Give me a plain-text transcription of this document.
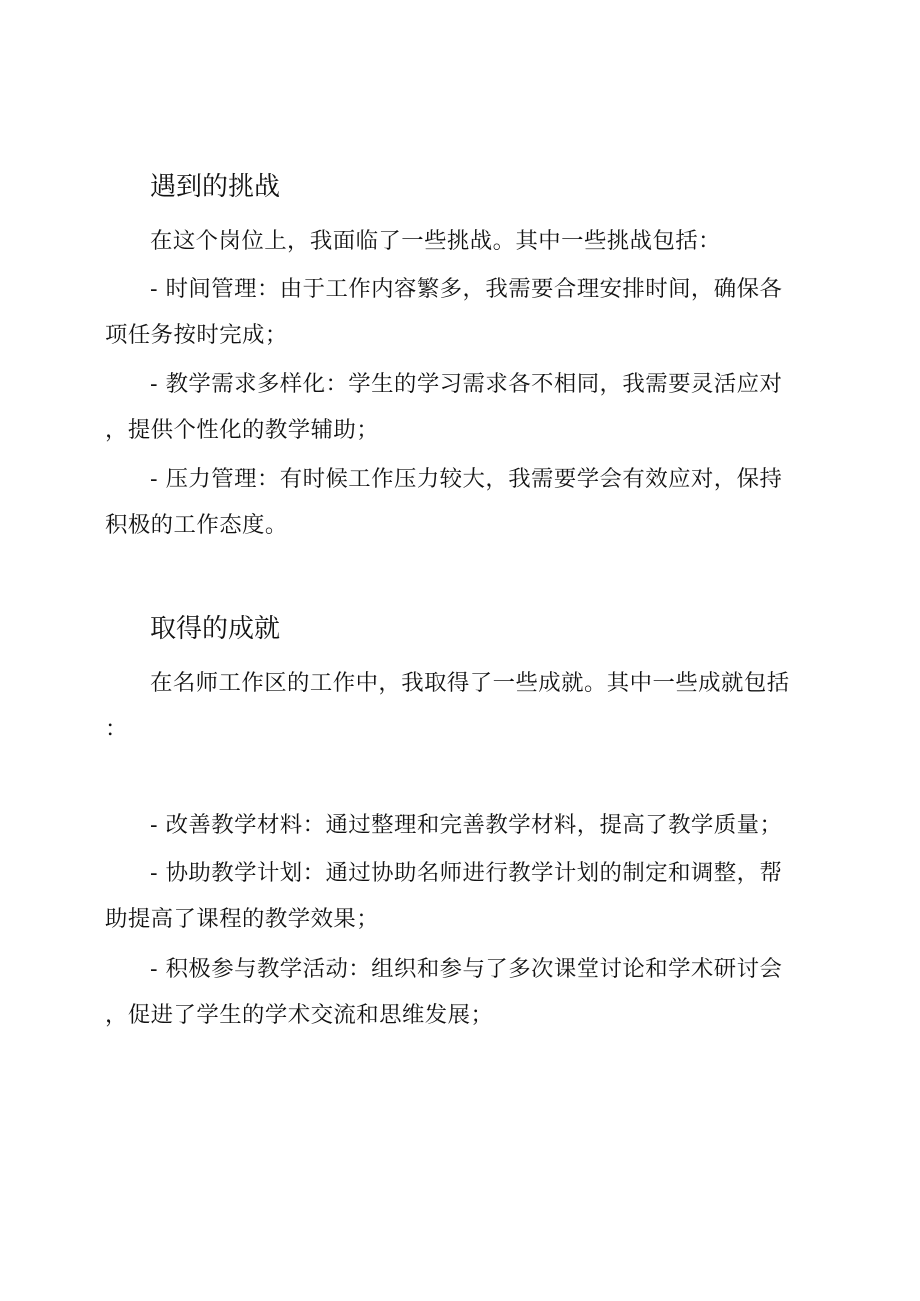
遇到的挑战

在这个岗位上，我面临了一些挑战。其中一些挑战包括：

- 时间管理：由于工作内容繁多，我需要合理安排时间，确保各项任务按时完成；

- 教学需求多样化：学生的学习需求各不相同，我需要灵活应对，提供个性化的教学辅助；

- 压力管理：有时候工作压力较大，我需要学会有效应对，保持积极的工作态度。

取得的成就

在名师工作区的工作中，我取得了一些成就。其中一些成就包括：

- 改善教学材料：通过整理和完善教学材料，提高了教学质量；

- 协助教学计划：通过协助名师进行教学计划的制定和调整，帮助提高了课程的教学效果；

- 积极参与教学活动：组织和参与了多次课堂讨论和学术研讨会，促进了学生的学术交流和思维发展；
